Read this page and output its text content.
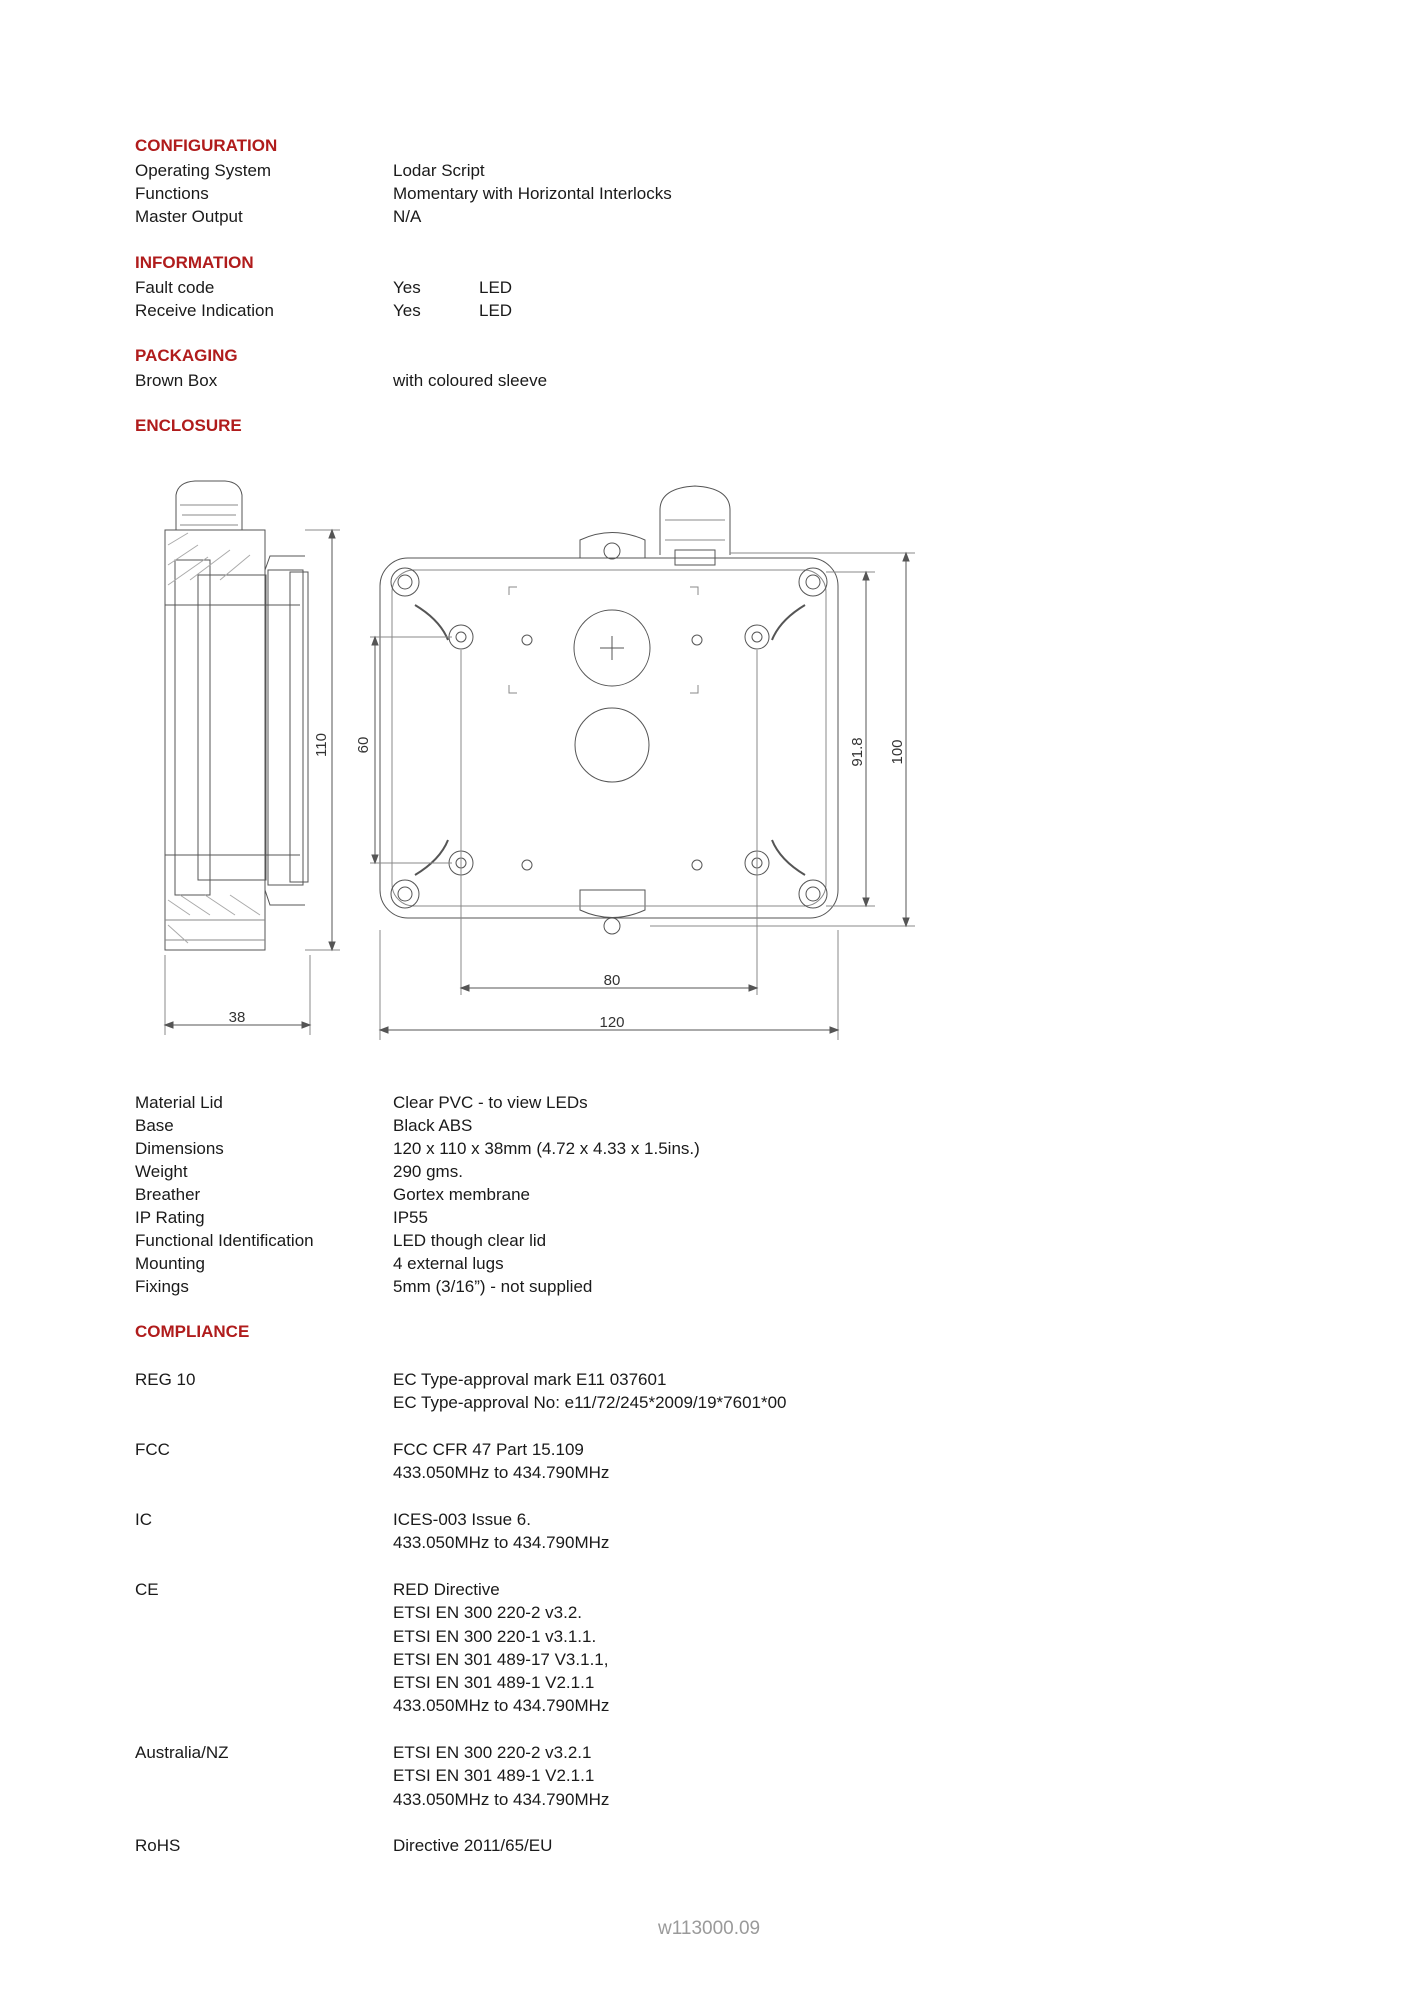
CONFIGURATION
Operating System	Lodar Script
Functions	Momentary with Horizontal Interlocks
Master Output	N/A
INFORMATION
Fault code	Yes	LED
Receive Indication	Yes	LED
PACKAGING
Brown Box	with coloured sleeve
ENCLOSURE
110
38
60	91.8 100
80
120
Material Lid	Clear PVC - to view LEDs
Base	Black ABS
Dimensions	120 x 110 x 38mm (4.72 x 4.33 x 1.5ins.)
Weight	290 gms.
Breather	Gortex membrane
IP Rating	IP55
Functional Identification	LED though clear lid
Mounting	4 external lugs
Fixings	5mm (3/16”) - not supplied
COMPLIANCE
REG 10	EC Type-approval mark E11 037601
EC Type-approval No: e11/72/245*2009/19*7601*00
FCC	FCC CFR 47 Part 15.109
433.050MHz to 434.790MHz
IC	ICES-003 Issue 6.
433.050MHz to 434.790MHz
CE	RED Directive
ETSI EN 300 220-2 v3.2.
ETSI EN 300 220-1 v3.1.1.
ETSI EN 301 489-17 V3.1.1,
ETSI EN 301 489-1 V2.1.1
433.050MHz to 434.790MHz
Australia/NZ	ETSI EN 300 220-2 v3.2.1
ETSI EN 301 489-1 V2.1.1
433.050MHz to 434.790MHz
RoHS	Directive 2011/65/EU
w113000.09
